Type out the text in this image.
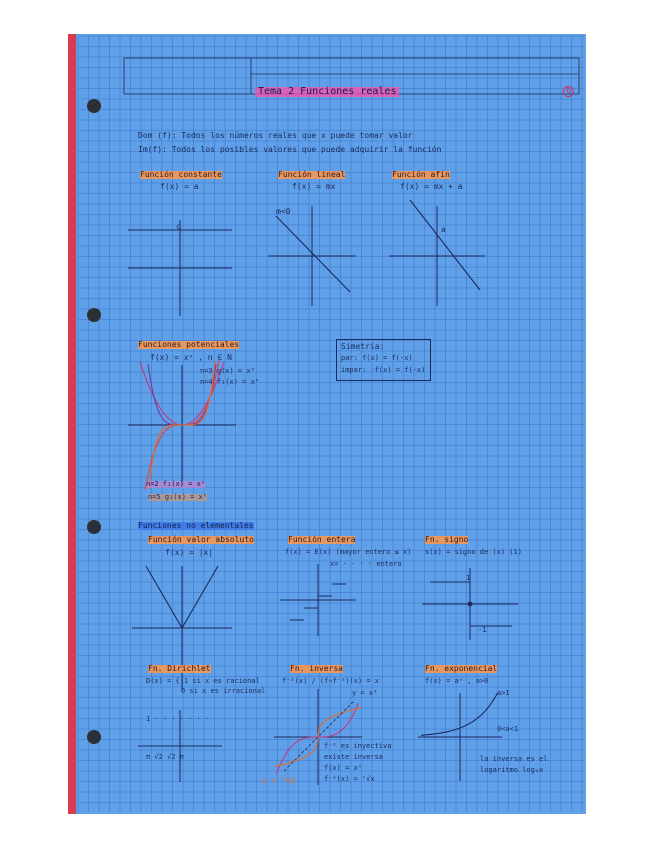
Tema 2 Funciones reales	6
Dom (f): Todos los números reales que x puede tomar valor
Im(f): Todos los posibles valores que puede adquirir la función
Función constante
f(x) = a
c
Función lineal
f(x) = mx
m<0
Función afín
f(x) = mx + a
a
Funciones potenciales
f(x) = xⁿ , n ∈ N
n=3 g(x) = x³
n=4 f₁(x) = x⁴
n=2 f₂(x) = x²
n=5 g₁(x) = x⁵
Simetría:
par: f(x) = f(-x)
impar: -f(x) = f(-x)
Funciones no elementales
Función valor absoluto
f(x) = |x|
Función entera
f(x) = E(x) (mayor entero ≤ x)
x= · · · · entero
Fn. signo
s(x) = signo de (x) (1)
1
-1
Fn. Dirichlet
D(x) = { 1 si x es racional
0 si x es irracional
1 · · · · · · ·
π √2 √2 π
Fn. inversa
f⁻¹(x) / (f∘f⁻¹)(x) = x
y = x³
f⁻¹ es inyectiva
existe inversa
f(x) = xⁿ
f⁻¹(x) = ⁿ√x
y = ³√x
Fn. exponencial
f(x) = aˣ , a>0
a>1
0<a<1
la inversa es el
logaritmo logₐx
